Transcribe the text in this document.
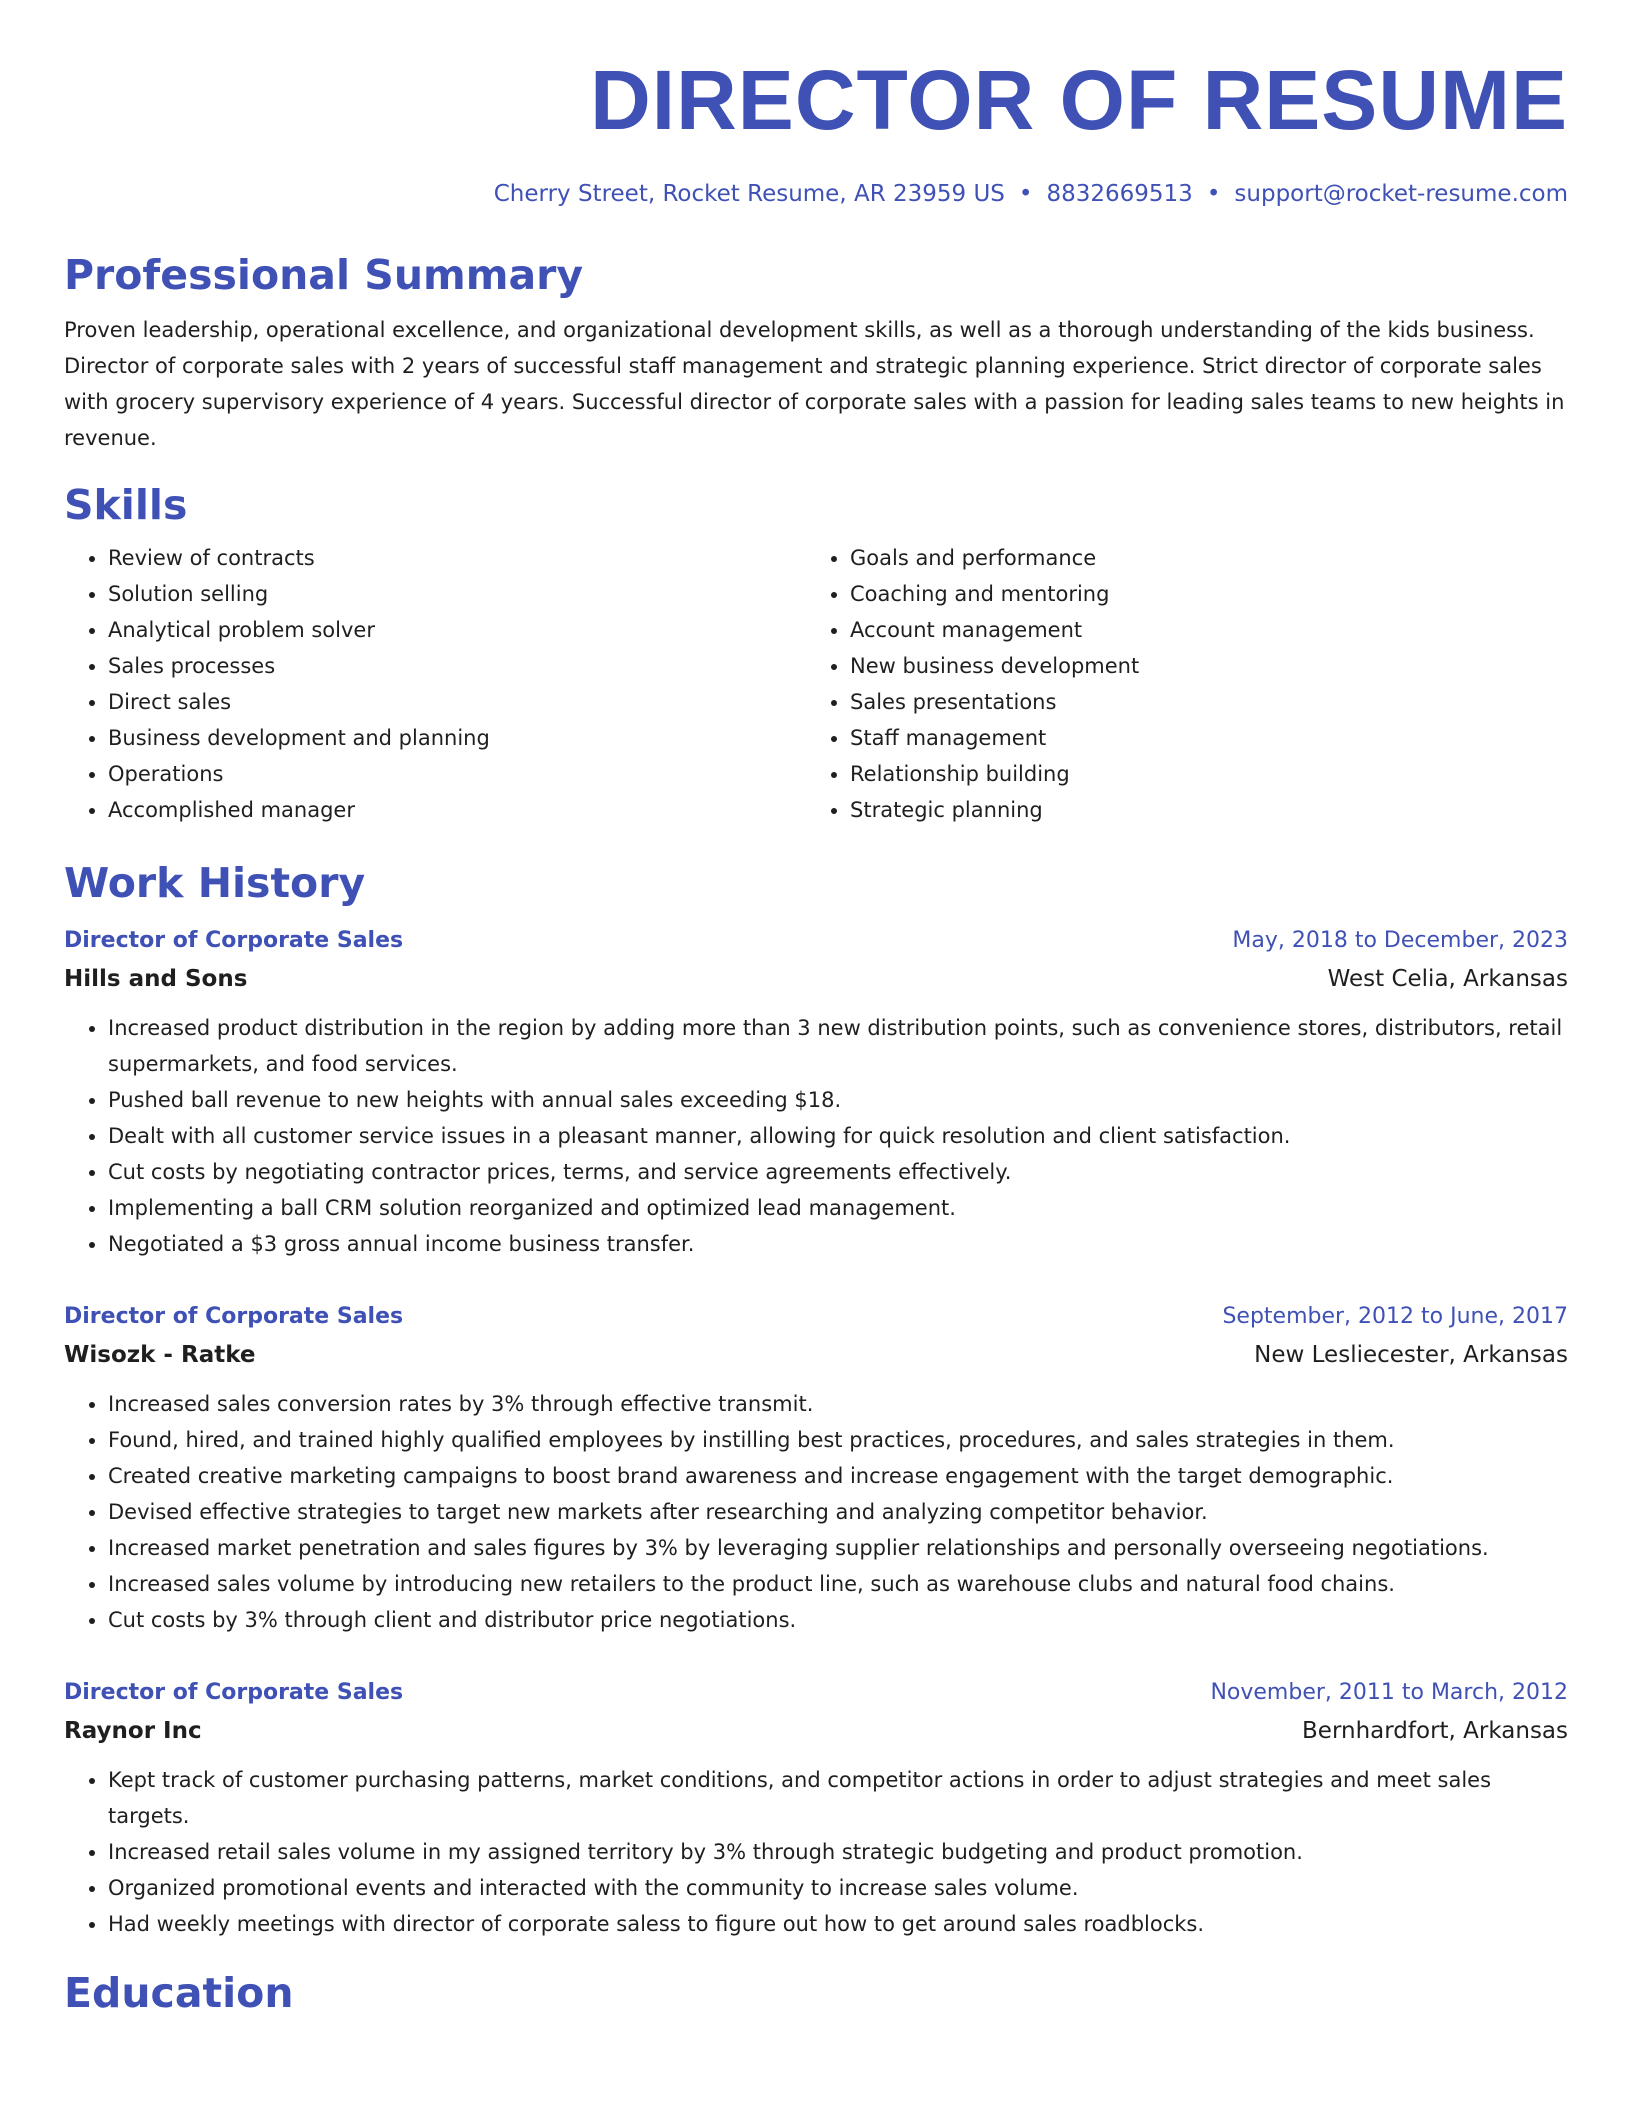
DIRECTOR OF RESUME
Cherry Street, Rocket Resume, AR 23959 US • 8832669513 • support@rocket-resume.com
Professional Summary

Proven leadership, operational excellence, and organizational development skills, as well as a thorough understanding of the kids business. Director of corporate sales with 2 years of successful staff management and strategic planning experience. Strict director of corporate sales with grocery supervisory experience of 4 years. Successful director of corporate sales with a passion for leading sales teams to new heights in revenue.

Skills
• Review of contracts
• Solution selling
• Analytical problem solver
• Sales processes
• Direct sales
• Business development and planning
• Operations
• Accomplished manager
• Goals and performance
• Coaching and mentoring
• Account management
• New business development
• Sales presentations
• Staff management
• Relationship building
• Strategic planning
Work History
Director of Corporate Sales	May, 2018 to December, 2023
Hills and Sons	West Celia, Arkansas
• Increased product distribution in the region by adding more than 3 new distribution points, such as convenience stores, distributors, retail supermarkets, and food services.
• Pushed ball revenue to new heights with annual sales exceeding $18.
• Dealt with all customer service issues in a pleasant manner, allowing for quick resolution and client satisfaction.
• Cut costs by negotiating contractor prices, terms, and service agreements effectively.
• Implementing a ball CRM solution reorganized and optimized lead management.
• Negotiated a $3 gross annual income business transfer.
Director of Corporate Sales	September, 2012 to June, 2017
Wisozk - Ratke	New Lesliecester, Arkansas
• Increased sales conversion rates by 3% through effective transmit.
• Found, hired, and trained highly qualified employees by instilling best practices, procedures, and sales strategies in them.
• Created creative marketing campaigns to boost brand awareness and increase engagement with the target demographic.
• Devised effective strategies to target new markets after researching and analyzing competitor behavior.
• Increased market penetration and sales figures by 3% by leveraging supplier relationships and personally overseeing negotiations.
• Increased sales volume by introducing new retailers to the product line, such as warehouse clubs and natural food chains.
• Cut costs by 3% through client and distributor price negotiations.
Director of Corporate Sales	November, 2011 to March, 2012
Raynor Inc	Bernhardfort, Arkansas
• Kept track of customer purchasing patterns, market conditions, and competitor actions in order to adjust strategies and meet sales targets.
• Increased retail sales volume in my assigned territory by 3% through strategic budgeting and product promotion.
• Organized promotional events and interacted with the community to increase sales volume.
• Had weekly meetings with director of corporate saless to figure out how to get around sales roadblocks.
Education
